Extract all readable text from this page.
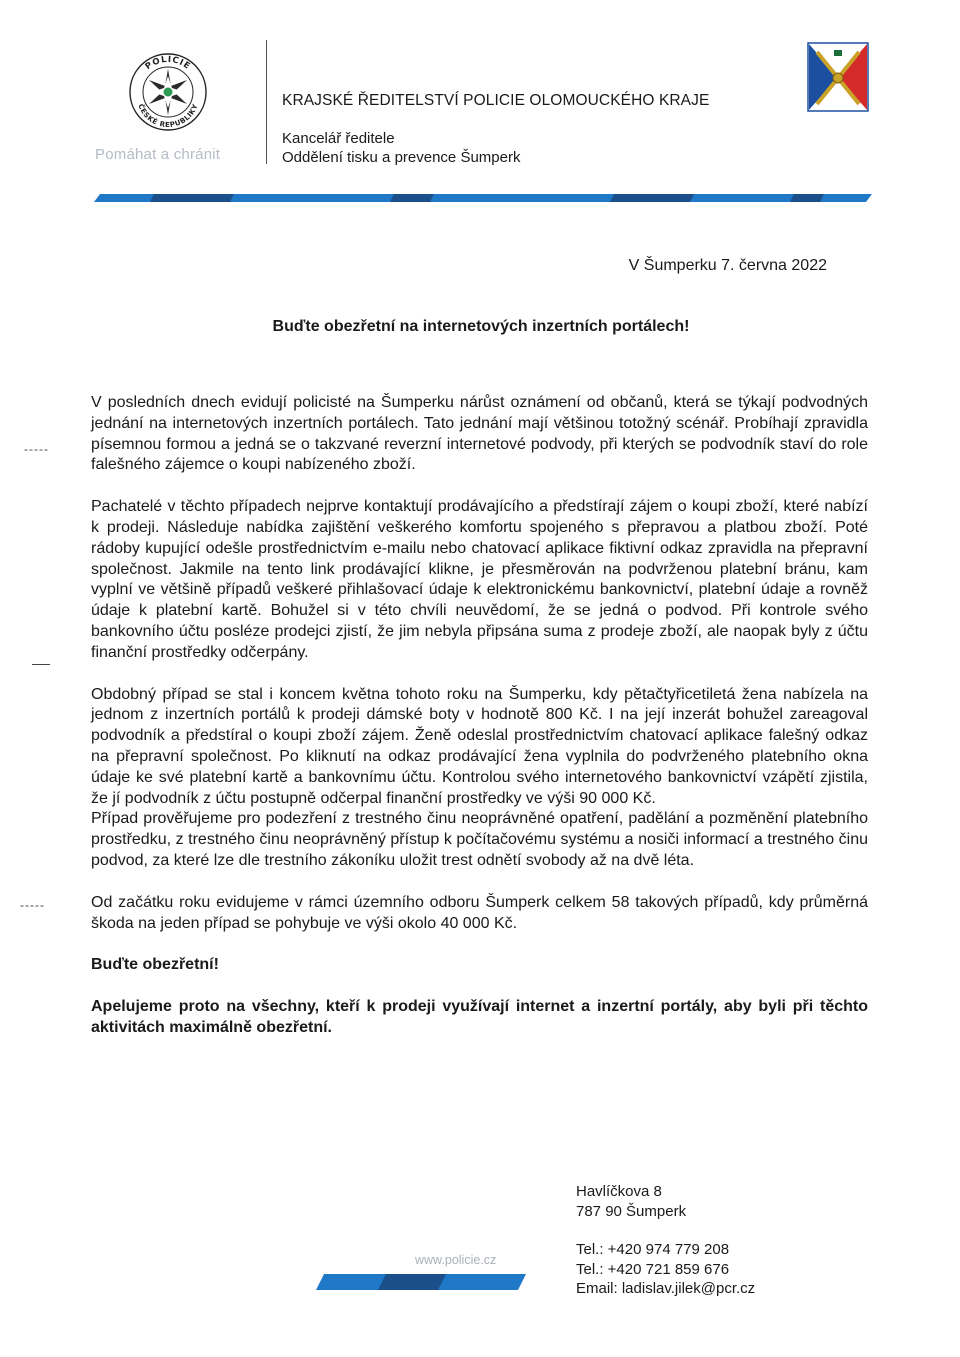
POLICIE
ČESKÉ REPUBLIKY
Pomáhat a chránit
KRAJSKÉ ŘEDITELSTVÍ POLICIE OLOMOUCKÉHO KRAJE
Kancelář ředitele
Oddělení tisku a prevence Šumperk
V Šumperku 7. června 2022
Buďte obezřetní na internetových inzertních portálech!

V posledních dnech evidují policisté na Šumperku nárůst oznámení od občanů, která se týkají podvodných jednání na internetových inzertních portálech. Tato jednání mají většinou totožný scénář. Probíhají zpravidla písemnou formou a jedná se o takzvané reverzní internetové podvody, při kterých se podvodník staví do role falešného zájemce o koupi nabízeného zboží.

Pachatelé v těchto případech nejprve kontaktují prodávajícího a předstírají zájem o koupi zboží, které nabízí k prodeji. Následuje nabídka zajištění veškerého komfortu spojeného s přepravou a platbou zboží. Poté rádoby kupující odešle prostřednictvím e-mailu nebo chatovací aplikace fiktivní odkaz zpravidla na přepravní společnost. Jakmile na tento link prodávající klikne, je přesměrován na podvrženou platební bránu, kam vyplní ve většině případů veškeré přihlašovací údaje k elektronickému bankovnictví, platební údaje a rovněž údaje k platební kartě. Bohužel si v této chvíli neuvědomí, že se jedná o podvod. Při kontrole svého bankovního účtu posléze prodejci zjistí, že jim nebyla připsána suma z prodeje zboží, ale naopak byly z účtu finanční prostředky odčerpány.

Obdobný případ se stal i koncem května tohoto roku na Šumperku, kdy pětačtyřicetiletá žena nabízela na jednom z inzertních portálů k prodeji dámské boty v hodnotě 800 Kč. I na její inzerát bohužel zareagoval podvodník a předstíral o koupi zboží zájem. Ženě odeslal prostřednictvím chatovací aplikace falešný odkaz na přepravní společnost. Po kliknutí na odkaz prodávající žena vyplnila do podvrženého platebního okna údaje ke své platební kartě a bankovnímu účtu. Kontrolou svého internetového bankovnictví vzápětí zjistila, že jí podvodník z účtu postupně odčerpal finanční prostředky ve výši 90 000 Kč.

Případ prověřujeme pro podezření z trestného činu neoprávněné opatření, padělání a pozměnění platebního prostředku, z trestného činu neoprávněný přístup k počítačovému systému a nosiči informací a trestného činu podvod, za které lze dle trestního zákoníku uložit trest odnětí svobody až na dvě léta.

Od začátku roku evidujeme v rámci územního odboru Šumperk celkem 58 takových případů, kdy průměrná škoda na jeden případ se pohybuje ve výši okolo 40 000 Kč.

Buďte obezřetní!

Apelujeme proto na všechny, kteří k prodeji využívají internet a inzertní portály, aby byli při těchto aktivitách maximálně obezřetní.

-----
-----
Havlíčkova 8
787 90 Šumperk
Tel.: +420 974 779 208
Tel.: +420 721 859 676
Email: ladislav.jilek@pcr.cz
www.policie.cz
